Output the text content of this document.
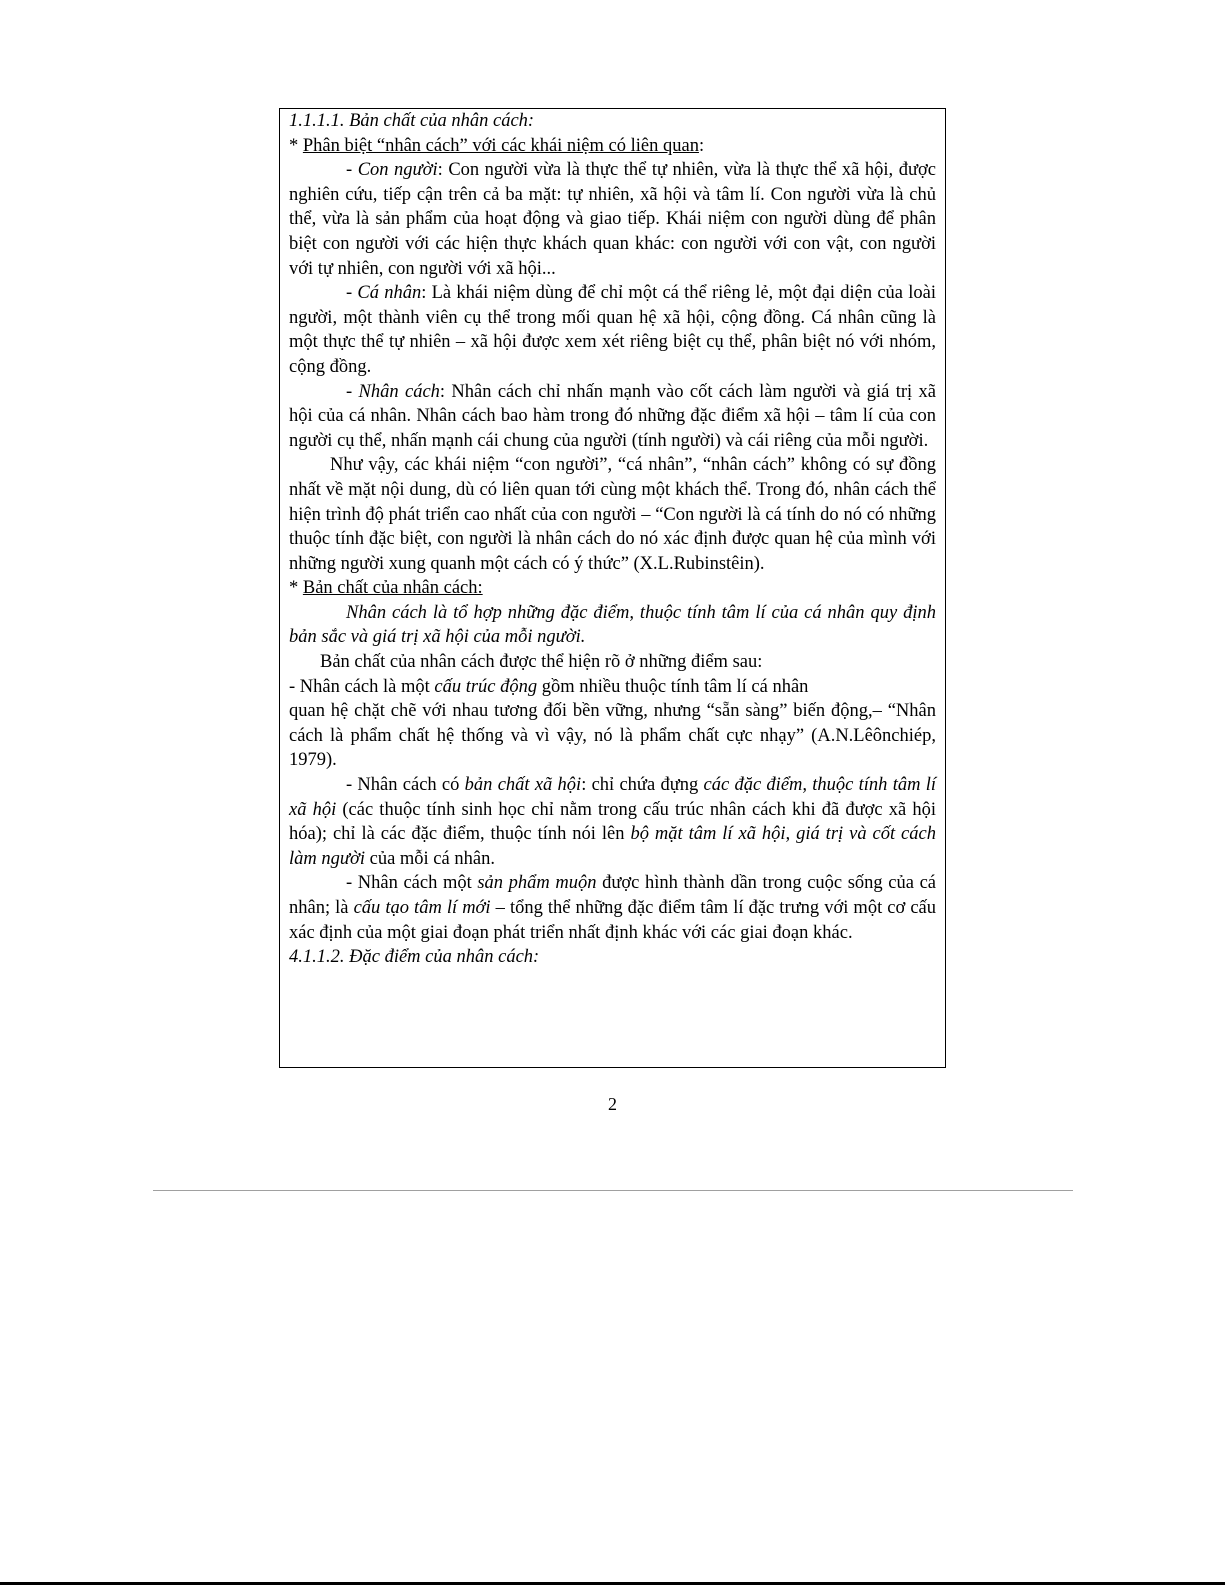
1.1.1.1. Bản chất của nhân cách:

* Phân biệt “nhân cách” với các khái niệm có liên quan:

- Con người: Con người vừa là thực thể tự nhiên, vừa là thực thể xã hội, được nghiên cứu, tiếp cận trên cả ba mặt: tự nhiên, xã hội và tâm lí. Con người vừa là chủ thể, vừa là sản phẩm của hoạt động và giao tiếp. Khái niệm con người dùng để phân biệt con người với các hiện thực khách quan khác: con người với con vật, con người với tự nhiên, con người với xã hội...

- Cá nhân: Là khái niệm dùng để chỉ một cá thể riêng lẻ, một đại diện của loài người, một thành viên cụ thể trong mối quan hệ xã hội, cộng đồng. Cá nhân cũng là một thực thể tự nhiên – xã hội được xem xét riêng biệt cụ thể, phân biệt nó với nhóm, cộng đồng.

- Nhân cách: Nhân cách chỉ nhấn mạnh vào cốt cách làm người và giá trị xã hội của cá nhân. Nhân cách bao hàm trong đó những đặc điểm xã hội – tâm lí của con người cụ thể, nhấn mạnh cái chung của người (tính người) và cái riêng của mỗi người.

Như vậy, các khái niệm “con người”, “cá nhân”, “nhân cách” không có sự đồng nhất về mặt nội dung, dù có liên quan tới cùng một khách thể. Trong đó, nhân cách thể hiện trình độ phát triển cao nhất của con người – “Con người là cá tính do nó có những thuộc tính đặc biệt, con người là nhân cách do nó xác định được quan hệ của mình với những người xung quanh một cách có ý thức” (X.L.Rubinstêin).

* Bản chất của nhân cách:

Nhân cách là tổ hợp những đặc điểm, thuộc tính tâm lí của cá nhân quy định bản sắc và giá trị xã hội của mỗi người.

Bản chất của nhân cách được thể hiện rõ ở những điểm sau:

- Nhân cách là một cấu trúc động gồm nhiều thuộc tính tâm lí cá nhân

quan hệ chặt chẽ với nhau tương đối bền vững, nhưng “sẵn sàng” biến động,– “Nhân cách là phẩm chất hệ thống và vì vậy, nó là phẩm chất cực nhạy” (A.N.Lêônchiép, 1979).

- Nhân cách có bản chất xã hội: chỉ chứa đựng các đặc điểm, thuộc tính tâm lí xã hội (các thuộc tính sinh học chỉ nằm trong cấu trúc nhân cách khi đã được xã hội hóa); chỉ là các đặc điểm, thuộc tính nói lên bộ mặt tâm lí xã hội, giá trị và cốt cách làm người của mỗi cá nhân.

- Nhân cách một sản phẩm muộn được hình thành dần trong cuộc sống của cá nhân; là cấu tạo tâm lí mới – tổng thể những đặc điểm tâm lí đặc trưng với một cơ cấu xác định của một giai đoạn phát triển nhất định khác với các giai đoạn khác.

4.1.1.2. Đặc điểm của nhân cách:

2
